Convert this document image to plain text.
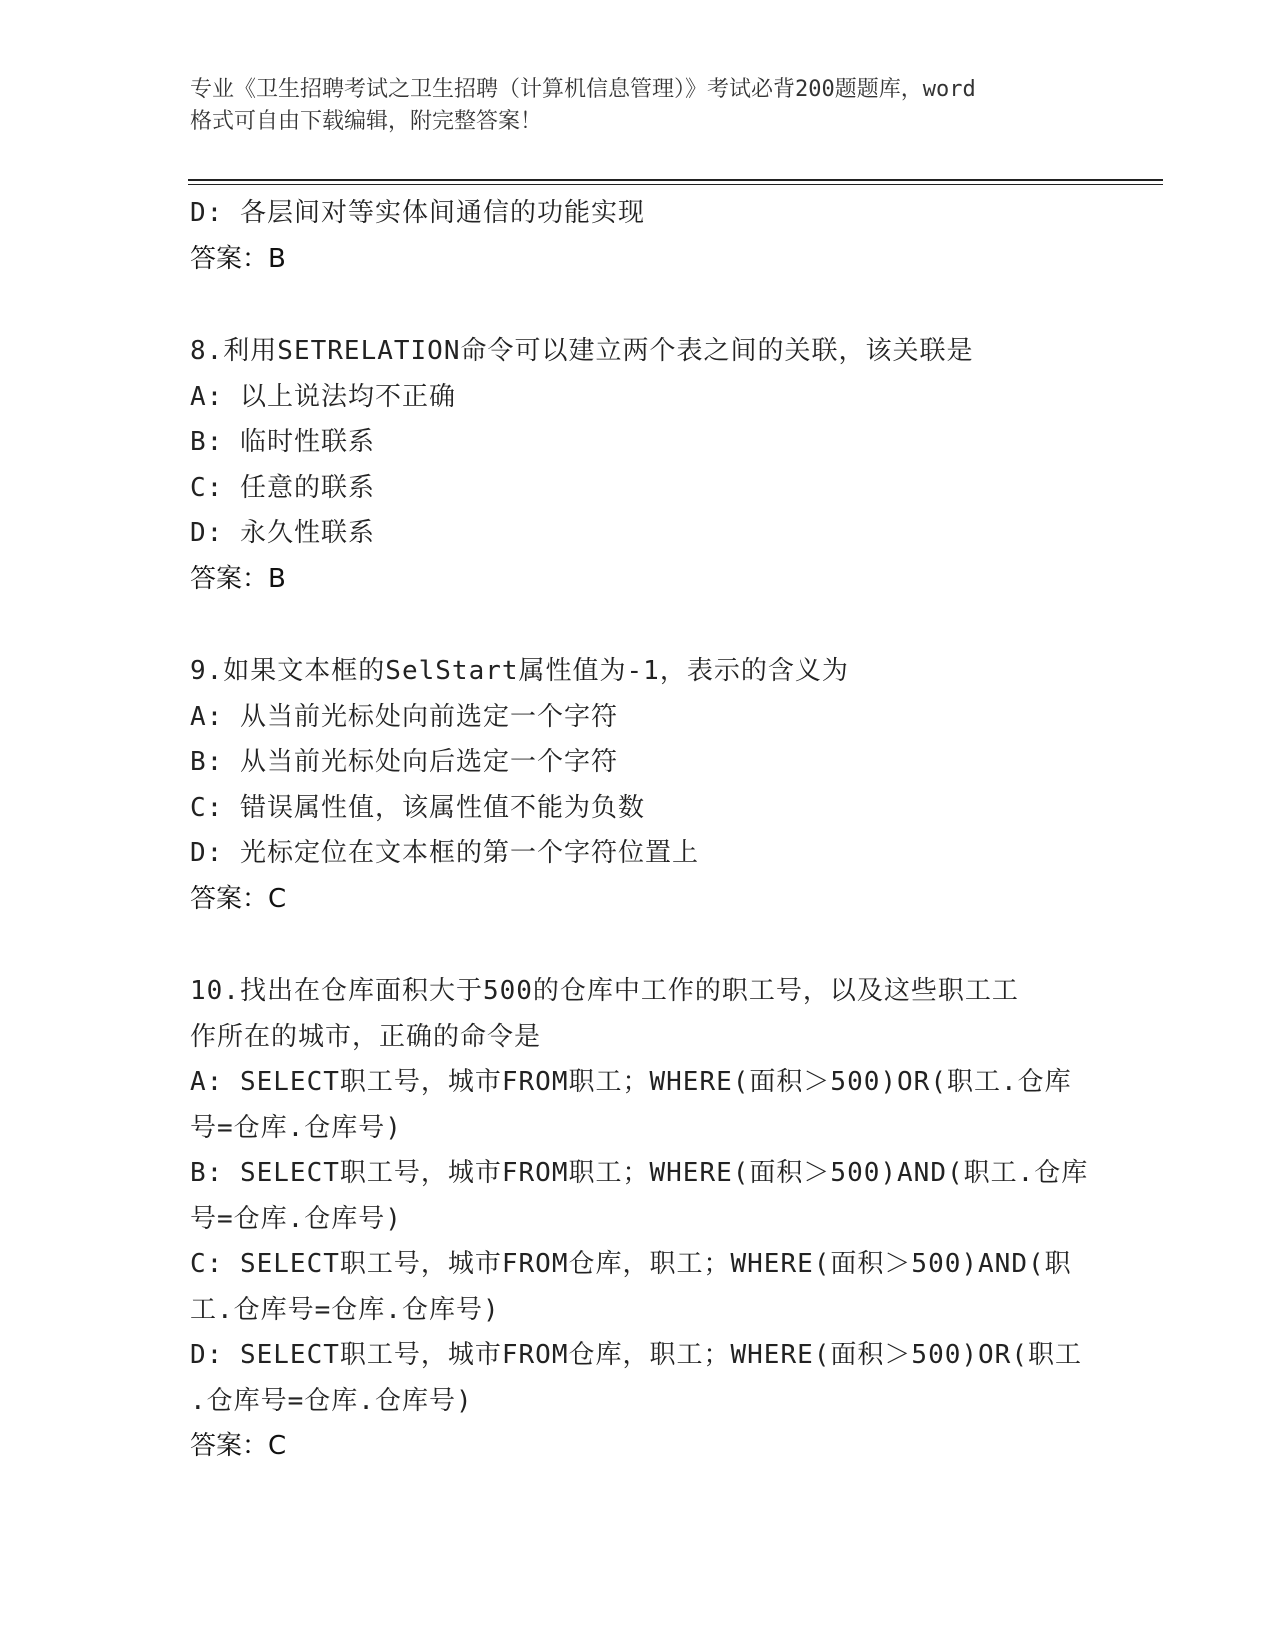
专业《卫生招聘考试之卫生招聘（计算机信息管理）》考试必背200题题库，word
格式可自由下载编辑，附完整答案！

D: 各层间对等实体间通信的功能实现

答案：B

8.利用SETRELATION命令可以建立两个表之间的关联，该关联是

A: 以上说法均不正确

B: 临时性联系

C: 任意的联系

D: 永久性联系

答案：B

9.如果文本框的SelStart属性值为-1，表示的含义为

A: 从当前光标处向前选定一个字符

B: 从当前光标处向后选定一个字符

C: 错误属性值，该属性值不能为负数

D: 光标定位在文本框的第一个字符位置上

答案：C

10.找出在仓库面积大于500的仓库中工作的职工号，以及这些职工工

作所在的城市，正确的命令是

A: SELECT职工号，城市FROM职工；WHERE(面积＞500)OR(职工.仓库

号=仓库.仓库号)

B: SELECT职工号，城市FROM职工；WHERE(面积＞500)AND(职工.仓库

号=仓库.仓库号)

C: SELECT职工号，城市FROM仓库，职工；WHERE(面积＞500)AND(职

工.仓库号=仓库.仓库号)

D: SELECT职工号，城市FROM仓库，职工；WHERE(面积＞500)OR(职工

.仓库号=仓库.仓库号)

答案：C
